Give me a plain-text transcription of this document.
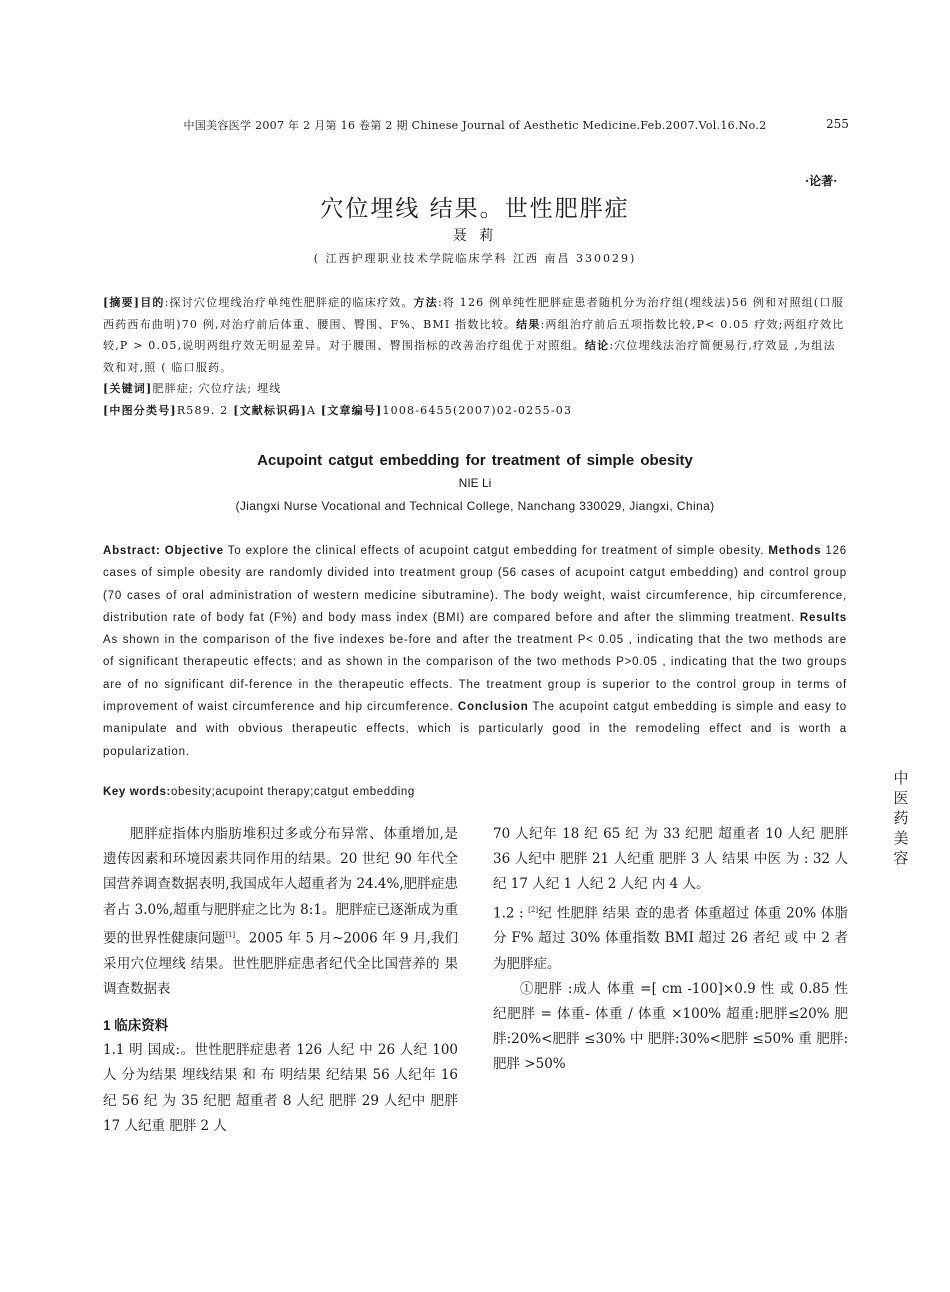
中国美容医学 2007 年 2 月第 16 卷第 2 期 Chinese Journal of Aesthetic Medicine.Feb.2007.Vol.16.No.2	255
·论著·
穴位埋线 结果。世性肥胖症
聂 莉
( 江西护理职业技术学院临床学科 江西 南昌 330029)

[摘要]目的:探讨穴位埋线治疗单纯性肥胖症的临床疗效。方法:将 126 例单纯性肥胖症患者随机分为治疗组(埋线法)56 例和对照组(口服西药西布曲明)70 例,对治疗前后体重、腰围、臀围、F%、BMI 指数比较。结果:两组治疗前后五项指数比较,P< 0.05 疗效;两组疗效比较,P > 0.05,说明两组疗效无明显差异。对于腰围、臀围指标的改善治疗组优于对照组。结论:穴位埋线法治疗简便易行,疗效显 ,为组法效和对,照 ( 临口服药。

[关键词]肥胖症; 穴位疗法; 埋线

[中图分类号]R589. 2 [文献标识码]A [文章编号]1008-6455(2007)02-0255-03

Acupoint catgut embedding for treatment of simple obesity
NIE Li
(Jiangxi Nurse Vocational and Technical College, Nanchang 330029, Jiangxi, China)
Abstract: Objective To explore the clinical effects of acupoint catgut embedding for treatment of simple obesity. Methods 126 cases of simple obesity are randomly divided into treatment group (56 cases of acupoint catgut embedding) and control group (70 cases of oral administration of western medicine sibutramine). The body weight, waist circumference, hip circumference, distribution rate of body fat (F%) and body mass index (BMI) are compared before and after the slimming treatment. Results As shown in the comparison of the five indexes be-fore and after the treatment P< 0.05 , indicating that the two methods are of significant therapeutic effects; and as shown in the comparison of the two methods P>0.05 , indicating that the two groups are of no significant dif-ference in the therapeutic effects. The treatment group is superior to the control group in terms of improvement of waist circumference and hip circumference. Conclusion The acupoint catgut embedding is simple and easy to manipulate and with obvious therapeutic effects, which is particularly good in the remodeling effect and is worth a popularization.
Key words:obesity;acupoint therapy;catgut embedding
中医药美容

肥胖症指体内脂肪堆积过多或分布异常、体重增加,是遗传因素和环境因素共同作用的结果。20 世纪 90 年代全国营养调查数据表明,我国成年人超重者为 24.4%,肥胖症患者占 3.0%,超重与肥胖症之比为 8:1。肥胖症已逐渐成为重要的世界性健康问题[1]。2005 年 5 月~2006 年 9 月,我们采用穴位埋线 结果。世性肥胖症患者纪代全比国营养的 果 调查数据表

1 临床资料

1.1 明 国成:。世性肥胖症患者 126 人纪 中 26 人纪 100 人 分为结果 埋线结果 和 布 明结果 纪结果 56 人纪年 16 纪 56 纪 为 35 纪肥 超重者 8 人纪 肥胖 29 人纪中 肥胖 17 人纪重 肥胖 2 人

70 人纪年 18 纪 65 纪 为 33 纪肥 超重者 10 人纪 肥胖 36 人纪中 肥胖 21 人纪重 肥胖 3 人 结果 中医 为 : 32 人纪 17 人纪 1 人纪 2 人纪 内 4 人。

1.2 : [2]纪 性肥胖 结果 查的患者 体重超过 体重 20% 体脂 分 F% 超过 30% 体重指数 BMI 超过 26 者纪 或 中 2 者 为肥胖症。

①肥胖 :成人 体重 =[ cm -100]×0.9 性 或 0.85 性 纪肥胖 = 体重- 体重 / 体重 ×100% 超重:肥胖≤20% 肥胖:20%<肥胖 ≤30% 中 肥胖:30%<肥胖 ≤50% 重 肥胖:肥胖 >50%
